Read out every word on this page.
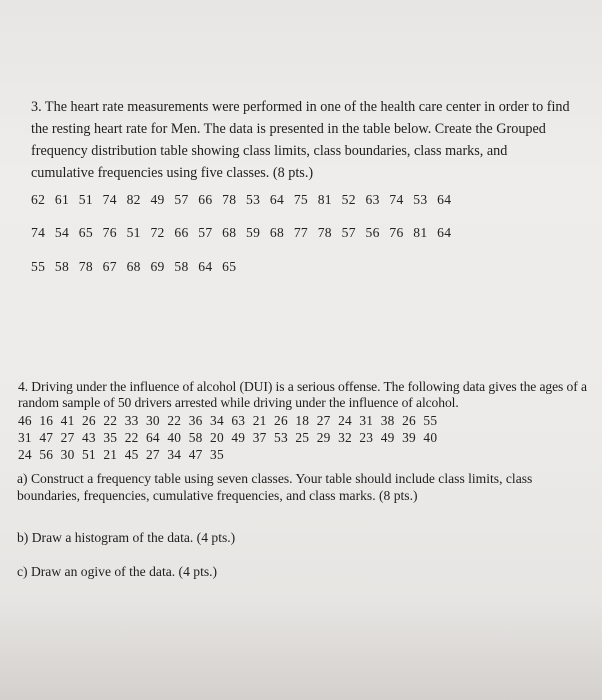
3. The heart rate measurements were performed in one of the health care center in order to find the resting heart rate for Men. The data is presented in the table below. Create the Grouped frequency distribution table showing class limits, class boundaries, class marks, and cumulative frequencies using five classes. (8 pts.)
62 61 51 74 82 49 57 66 78 53 64 75 81 52 63 74 53 64
74 54 65 76 51 72 66 57 68 59 68 77 78 57 56 76 81 64
55 58 78 67 68 69 58 64 65
4. Driving under the influence of alcohol (DUI) is a serious offense. The following data gives the ages of a random sample of 50 drivers arrested while driving under the influence of alcohol.
46 16 41 26 22 33 30 22 36 34 63 21 26 18 27 24 31 38 26 55
31 47 27 43 35 22 64 40 58 20 49 37 53 25 29 32 23 49 39 40
24 56 30 51 21 45 27 34 47 35
a) Construct a frequency table using seven classes. Your table should include class limits, class boundaries, frequencies, cumulative frequencies, and class marks. (8 pts.)
b) Draw a histogram of the data. (4 pts.)
c) Draw an ogive of the data. (4 pts.)
